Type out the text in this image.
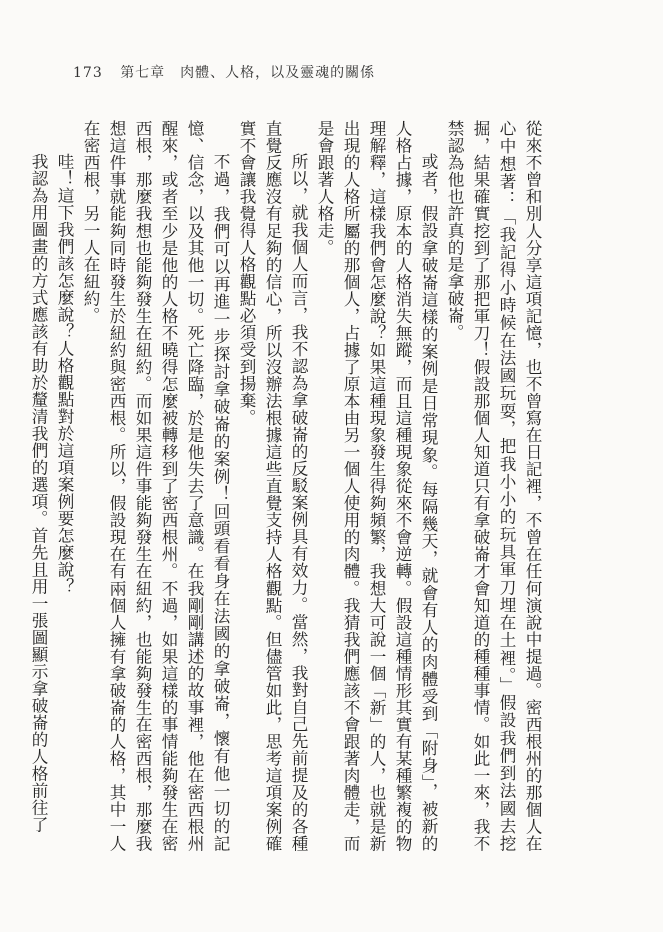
173 第七章　肉體、人格，以及靈魂的關係

從來不曾和別人分享這項記憶，也不曾寫在日記裡，不曾在任何演說中提過。密西根州的那個人在心中想著：「我記得小時候在法國玩耍，把我小小的玩具軍刀埋在土裡。」假設我們到法國去挖掘，結果確實挖到了那把軍刀！假設那個人知道只有拿破崙才會知道的種種事情。如此一來，我不禁認為他也許真的是拿破崙。

或者，假設拿破崙這樣的案例是日常現象。每隔幾天，就會有人的肉體受到「附身」，被新的人格占據，原本的人格消失無蹤，而且這種現象從來不會逆轉。假設這種情形其實有某種繁複的物理解釋，這樣我們會怎麼說？如果這種現象發生得夠頻繁，我想大可說一個「新」的人，也就是新出現的人格所屬的那個人，占據了原本由另一個人使用的肉體。我猜我們應該不會跟著肉體走，而是會跟著人格走。

所以，就我個人而言，我不認為拿破崙的反駁案例具有效力。當然，我對自己先前提及的各種直覺反應沒有足夠的信心，所以沒辦法根據這些直覺支持人格觀點。但儘管如此，思考這項案例確實不會讓我覺得人格觀點必須受到揚棄。

不過，我們可以再進一步探討拿破崙的案例！回頭看看身在法國的拿破崙，懷有他一切的記憶、信念，以及其他一切。死亡降臨，於是他失去了意識。在我剛剛講述的故事裡，他在密西根州醒來，或者至少是他的人格不曉得怎麼被轉移到了密西根州。不過，如果這樣的事情能夠發生在密西根，那麼我想也能夠發生在紐約。而如果這件事能夠發生在紐約，也能夠發生在密西根，那麼我想這件事就能夠同時發生於紐約與密西根。所以，假設現在有兩個人擁有拿破崙的人格，其中一人在密西根，另一人在紐約。

哇！這下我們該怎麼說？人格觀點對於這項案例要怎麼說？

我認為用圖畫的方式應該有助於釐清我們的選項。首先且用一張圖顯示拿破崙的人格前往了
